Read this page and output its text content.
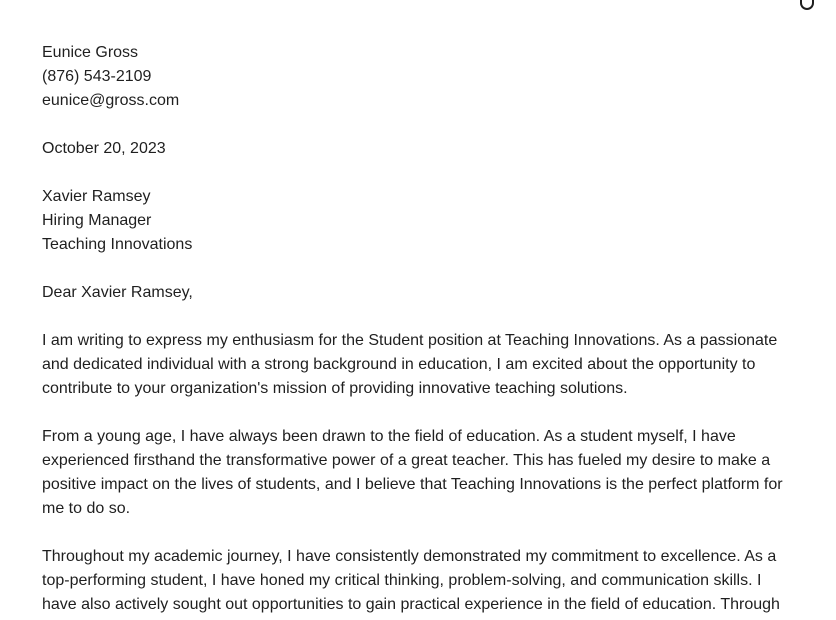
Eunice Gross
(876) 543-2109
eunice@gross.com
October 20, 2023
Xavier Ramsey
Hiring Manager
Teaching Innovations
Dear Xavier Ramsey,
I am writing to express my enthusiasm for the Student position at Teaching Innovations. As a passionate
and dedicated individual with a strong background in education, I am excited about the opportunity to
contribute to your organization's mission of providing innovative teaching solutions.
From a young age, I have always been drawn to the field of education. As a student myself, I have
experienced firsthand the transformative power of a great teacher. This has fueled my desire to make a
positive impact on the lives of students, and I believe that Teaching Innovations is the perfect platform for
me to do so.
Throughout my academic journey, I have consistently demonstrated my commitment to excellence. As a
top-performing student, I have honed my critical thinking, problem-solving, and communication skills. I
have also actively sought out opportunities to gain practical experience in the field of education. Through
